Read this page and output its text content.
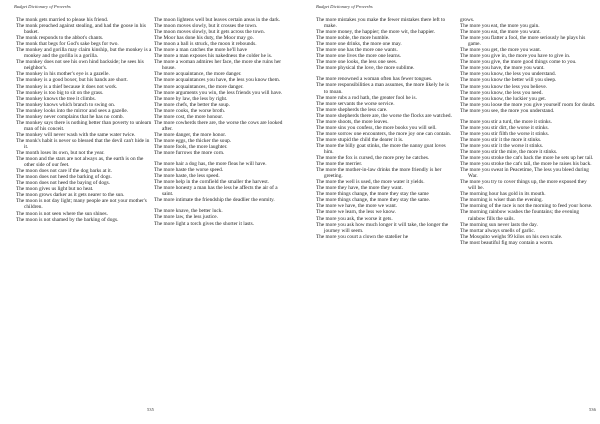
Budget Dictionary of Proverbs
The monk gets married to please his friend.
The monk preached against stealing, and had the goose in his basket.
The monk responds to the abbot's chants.
The monk that begs for God's sake begs for two.
The monkey and gorilla may claim kinship, but the monkey is a monkey and the gorilla is a gorilla.
The monkey does not see his own hind backside; he sees his neighbor's.
The monkey in his mother's eye is a gazelle.
The monkey is a good boxer, but his hands are short.
The monkey is a thief because it does not work.
The monkey is too big to sit on the grass.
The monkey knows the tree it climbs.
The monkey knows which branch to swing on.
The monkey looks into the mirror and sees a gazelle.
The monkey never complains that he has no comb.
The monkey says there is nothing better than poverty to unlearn man of his conceit.
The monkey will never wash with the same water twice.
The monk's habit is never so blessed that the devil can't hide in it.
The month loses its own, but not the year.
The moon and the stars are not always as, the earth is on the other side of our feet.
The moon does not care if the dog barks at it.
The moon does not heed the barking of dogs.
The moon does not heed the baying of dogs.
The moon gives us light but no heat.
The moon grows darker as it gets nearer to the sun.
The moon is not day light; many people are not your mother's children.
The moon is not seen where the sun shines.
The moon is not shamed by the barking of dogs.
The moon lightens well but leaves certain areas in the dark.
The moon moves slowly, but it crosses the town.
The moon moves slowly, but it gets across the town.
The Moor has done his duty, the Moor may go.
The moon a ball is struck, the moon it rebounds.
The more a man catches the more he'll have
The more a man exposes his nakedness the colder he is.
The more a woman admires her face, the more she ruins her house.
The more acquaintance, the more danger.
The more acquaintances you have, the less you know them.
The more acquaintances, the more danger.
The more arguments you win, the less friends you will have.
The more by law, the less by right.
The more chefs, the better the soup.
The more cooks, the worse broth.
The more cost, the more honour.
The more cowherds there are, the worse the cows are looked after.
The more danger, the more honor.
The more eggs, the thicker the soup.
The more fools, the more laughter.
The more furrows the more corn.
The more hair a dog has, the more fleas he will have.
The more haste the worse speed.
The more haste, the less speed.
The more help in the cornfield the smaller the harvest.
The more honesty a man has the less he affects the air of a saint.
The more intimate the friendship the deadlier the enmity.
The more knave, the better luck.
The more law, the less justice.
The more light a torch gives the shorter it lasts.
535
Budget Dictionary of Proverbs
The more mistakes you make the fewer mistakes there left to make.
The more money, the happier; the more wit, the happier.
The more noble, the more humble.
The more one drinks, the more one may.
The more one has the more one wants.
The more one lives the more one learns.
The more one looks, the less one sees.
The more physical the love, the more sublime.
The more renowned a woman often has fewer tongues.
The more responsibilities a man assumes, the more likely he is to moan.
The more rubs a rod hath, the greater fool he is.
The more servants the worse service.
The more shepherds the less care.
The more shepherds there are, the worse the flocks are watched.
The more shoots, the more leaves.
The more sins you confess, the more books you will sell.
The more sorrow one encounters, the more joy one can contain.
The more stupid the child the dearer it is.
The more the billy goat stinks, the more the nanny goat loves him.
The more the fox is cursed, the more prey he catches.
The more the merrier.
The more the mother-in-law drinks the more friendly is her greeting.
The more the well is used, the more water it yields.
The more they have, the more they want.
The more things change, the more they stay the same
The more things change, the more they stay the same.
The more we have, the more we want.
The more we learn, the less we know.
The more you ask, the worse it gets.
The more you ask how much longer it will take, the longer the journey will seem.
The more you court a clown the statelier he
grows.
The more you eat, the more you gain.
The more you eat, the more you want.
The more you flatter a fool, the more seriously he plays his game.
The more you get, the more you want.
The more you give in, the more you have to give in.
The more you give, the more good things come to you.
The more you have, the more you want.
The more you know, the less you understand.
The more you know the better will you sleep.
The more you know the less you believe.
The more you know, the less you need.
The more you know, the luckier you get.
The more you loose the more you give yourself room for doubt.
The more you see, the more you understand.
The more you stir a turd, the more it stinks.
The more you stir dirt, the worse it stinks.
The more you stir filth the worse it stinks.
The more you stir it the more it stinks.
The more you stir it the worse it stinks.
The more you stir the mire, the more it stinks.
The more you stroke the cat's back the more he sets up her tail.
The more you stroke the cat's tail, the more he raises his back.
The more you sweat in Peacetime, The less you bleed during War.
The more you try to cover things up, the more exposed they will be.
The morning hour has gold in its mouth.
The morning is wiser than the evening.
The morning of the race is not the morning to feed your horse.
The morning rainbow washes the fountains; the evening rainbow fills the sails.
The morning sun never lasts the day.
The mortar always smells of garlic.
The Mosquito weighs 99 kilos on his own scale.
The most beautiful fig may contain a worm.
536
